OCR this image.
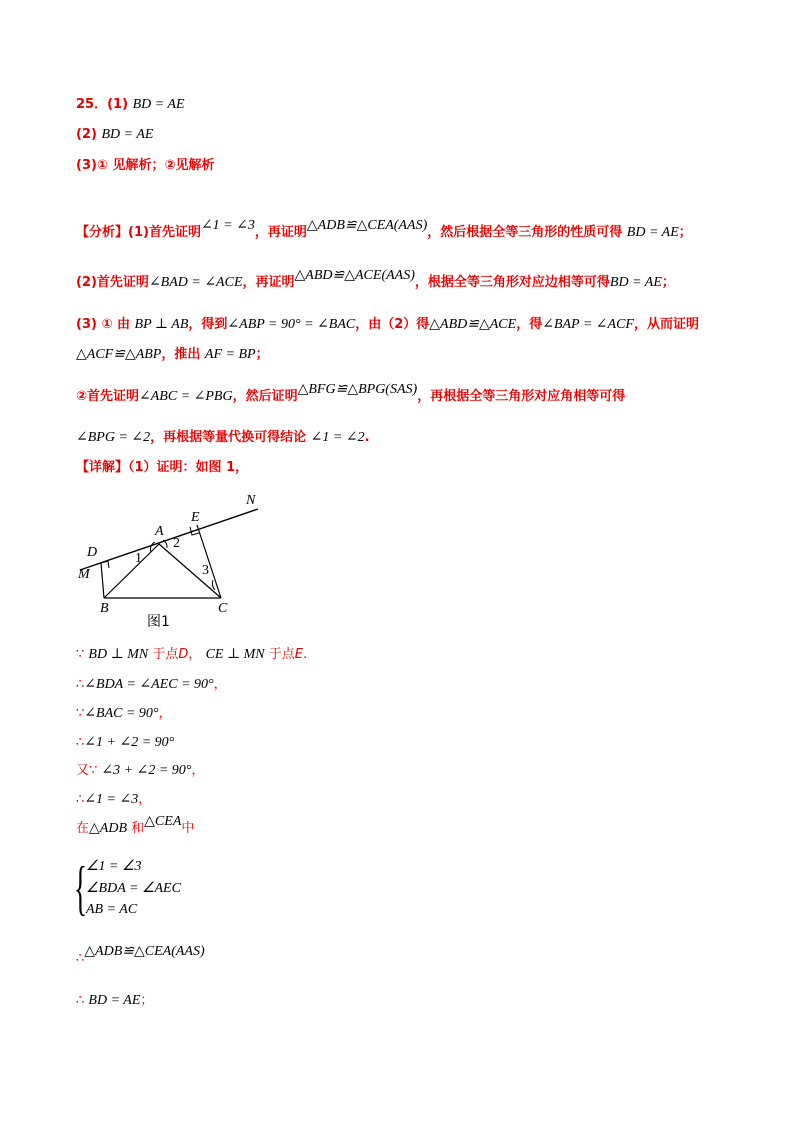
25．(1) BD = AE
(2) BD = AE
(3)① 见解析；②见解析
【分析】(1)首先证明∠1 = ∠3，再证明△ADB≌△CEA(AAS)，然后根据全等三角形的性质可得 BD = AE；
(2)首先证明∠BAD = ∠ACE，再证明△ABD≌△ACE(AAS)，根据全等三角形对应边相等可得BD = AE；
(3) ① 由 BP ⊥ AB，得到∠ABP = 90° = ∠BAC，由（2）得△ABD≌△ACE，得∠BAP = ∠ACF，从而证明
△ACF≌△ABP，推出 AF = BP；
②首先证明∠ABC = ∠PBG，然后证明△BFG≌△BPG(SAS)，再根据全等三角形对应角相等可得
∠BPG = ∠2，再根据等量代换可得结论 ∠1 = ∠2.
【详解】（1）证明：如图 1，
N
E
A
D
M
B	C
1
2
3
图1
∵ BD ⊥ MN 于点D， CE ⊥ MN 于点E.
∴∠BDA = ∠AEC = 90°，
∵∠BAC = 90°，
∴∠1 + ∠2 = 90°
又∵ ∠3 + ∠2 = 90°，
∴∠1 = ∠3，
在△ADB 和△CEA中
{ ∠1 = ∠3
∠BDA = ∠AEC
AB = AC
∴△ADB≌△CEA(AAS)
∴ BD = AE；
